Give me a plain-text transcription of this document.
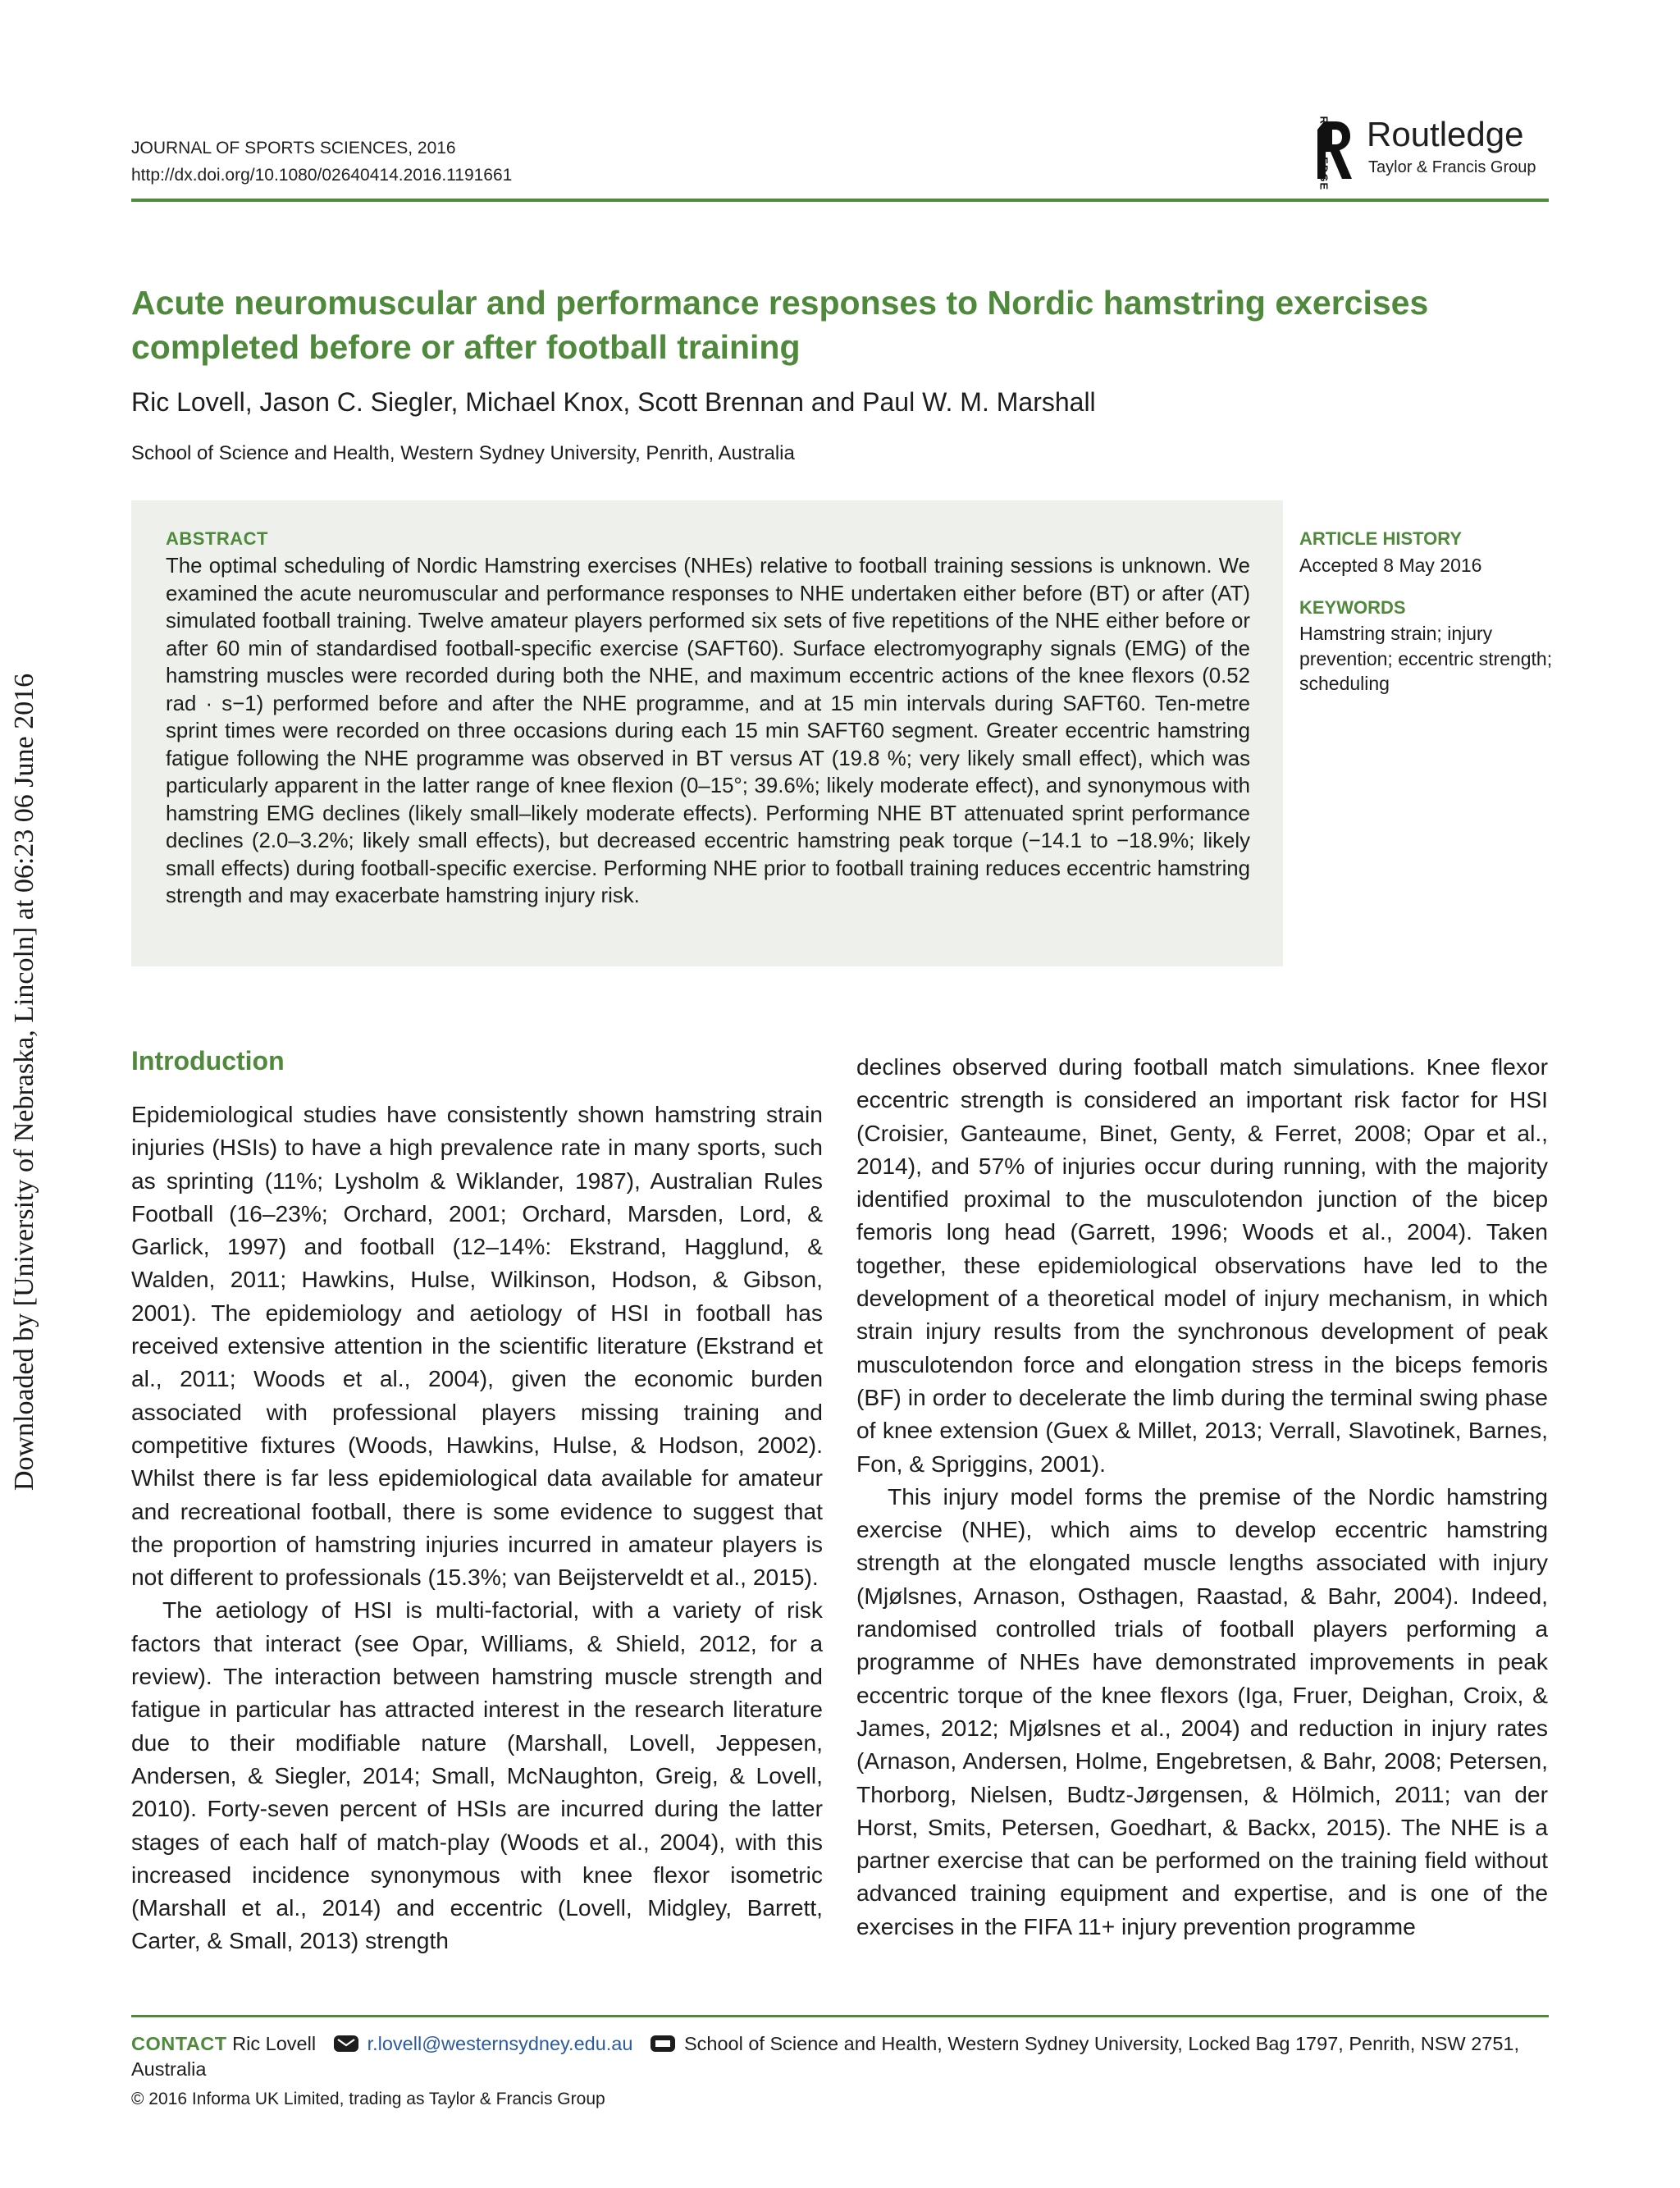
JOURNAL OF SPORTS SCIENCES, 2016
http://dx.doi.org/10.1080/02640414.2016.1191661	ROUTLEDGE Routledge
Taylor & Francis Group
Acute neuromuscular and performance responses to Nordic hamstring exercises completed before or after football training
Ric Lovell, Jason C. Siegler, Michael Knox, Scott Brennan and Paul W. M. Marshall
School of Science and Health, Western Sydney University, Penrith, Australia
ABSTRACT
The optimal scheduling of Nordic Hamstring exercises (NHEs) relative to football training sessions is unknown. We examined the acute neuromuscular and performance responses to NHE undertaken either before (BT) or after (AT) simulated football training. Twelve amateur players performed six sets of five repetitions of the NHE either before or after 60 min of standardised football-specific exercise (SAFT60). Surface electromyography signals (EMG) of the hamstring muscles were recorded during both the NHE, and maximum eccentric actions of the knee flexors (0.52 rad · s−1) performed before and after the NHE programme, and at 15 min intervals during SAFT60. Ten-metre sprint times were recorded on three occasions during each 15 min SAFT60 segment. Greater eccentric hamstring fatigue following the NHE programme was observed in BT versus AT (19.8 %; very likely small effect), which was particularly apparent in the latter range of knee flexion (0–15°; 39.6%; likely moderate effect), and synonymous with hamstring EMG declines (likely small–likely moderate effects). Performing NHE BT attenuated sprint performance declines (2.0–3.2%; likely small effects), but decreased eccentric hamstring peak torque (−14.1 to −18.9%; likely small effects) during football-specific exercise. Performing NHE prior to football training reduces eccentric hamstring strength and may exacerbate hamstring injury risk.
ARTICLE HISTORY
Accepted 8 May 2016
KEYWORDS
Hamstring strain; injury prevention; eccentric strength; scheduling
Introduction

Epidemiological studies have consistently shown hamstring strain injuries (HSIs) to have a high prevalence rate in many sports, such as sprinting (11%; Lysholm & Wiklander, 1987), Australian Rules Football (16–23%; Orchard, 2001; Orchard, Marsden, Lord, & Garlick, 1997) and football (12–14%: Ekstrand, Hagglund, & Walden, 2011; Hawkins, Hulse, Wilkinson, Hodson, & Gibson, 2001). The epidemiology and aetiology of HSI in football has received extensive attention in the scientific literature (Ekstrand et al., 2011; Woods et al., 2004), given the economic burden associated with professional players missing training and competitive fixtures (Woods, Hawkins, Hulse, & Hodson, 2002). Whilst there is far less epidemiological data available for amateur and recreational football, there is some evidence to suggest that the proportion of hamstring injuries incurred in amateur players is not different to professionals (15.3%; van Beijsterveldt et al., 2015).

The aetiology of HSI is multi-factorial, with a variety of risk factors that interact (see Opar, Williams, & Shield, 2012, for a review). The interaction between hamstring muscle strength and fatigue in particular has attracted interest in the research literature due to their modifiable nature (Marshall, Lovell, Jeppesen, Andersen, & Siegler, 2014; Small, McNaughton, Greig, & Lovell, 2010). Forty-seven percent of HSIs are incurred during the latter stages of each half of match-play (Woods et al., 2004), with this increased incidence synonymous with knee flexor isometric (Marshall et al., 2014) and eccentric (Lovell, Midgley, Barrett, Carter, & Small, 2013) strength

declines observed during football match simulations. Knee flexor eccentric strength is considered an important risk factor for HSI (Croisier, Ganteaume, Binet, Genty, & Ferret, 2008; Opar et al., 2014), and 57% of injuries occur during running, with the majority identified proximal to the musculotendon junction of the bicep femoris long head (Garrett, 1996; Woods et al., 2004). Taken together, these epidemiological observations have led to the development of a theoretical model of injury mechanism, in which strain injury results from the synchronous development of peak musculotendon force and elongation stress in the biceps femoris (BF) in order to decelerate the limb during the terminal swing phase of knee extension (Guex & Millet, 2013; Verrall, Slavotinek, Barnes, Fon, & Spriggins, 2001).

This injury model forms the premise of the Nordic hamstring exercise (NHE), which aims to develop eccentric hamstring strength at the elongated muscle lengths associated with injury (Mjølsnes, Arnason, Osthagen, Raastad, & Bahr, 2004). Indeed, randomised controlled trials of football players performing a programme of NHEs have demonstrated improvements in peak eccentric torque of the knee flexors (Iga, Fruer, Deighan, Croix, & James, 2012; Mjølsnes et al., 2004) and reduction in injury rates (Arnason, Andersen, Holme, Engebretsen, & Bahr, 2008; Petersen, Thorborg, Nielsen, Budtz-Jørgensen, & Hölmich, 2011; van der Horst, Smits, Petersen, Goedhart, & Backx, 2015). The NHE is a partner exercise that can be performed on the training field without advanced training equipment and expertise, and is one of the exercises in the FIFA 11+ injury prevention programme

Downloaded by [University of Nebraska, Lincoln] at 06:23 06 June 2016
CONTACT Ric Lovell	r.lovell@westernsydney.edu.au	School of Science and Health, Western Sydney University, Locked Bag 1797, Penrith, NSW 2751, Australia
© 2016 Informa UK Limited, trading as Taylor & Francis Group
